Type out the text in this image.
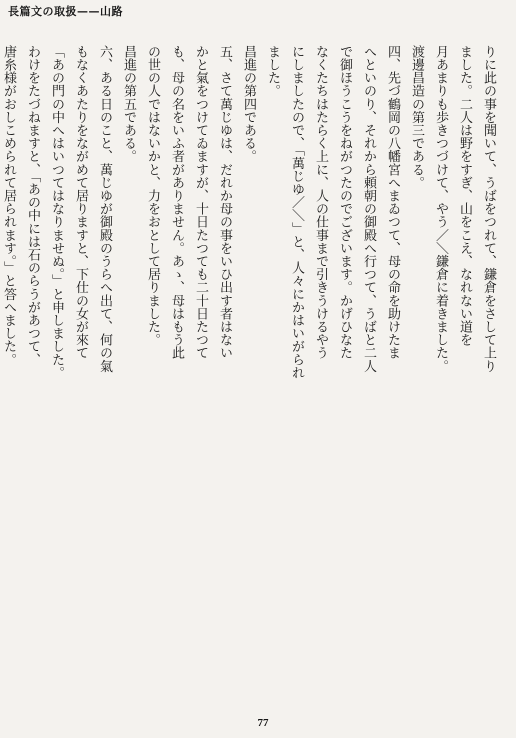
長篇文の取扱——山路
りに此の事を聞いて、うばをつれて、鎌倉をさして上り
ました。二人は野をすぎ、山をこえ、なれない道を
月あまりも歩きつづけて、やう／＼鎌倉に着きました。
渡邊昌造の第三である。
四、先づ鶴岡の八幡宮へまゐつて、母の命を助けたま
へといのり、それから頼朝の御殿へ行つて、うばと二人
で御ほうこうをねがつたのでございます。かげひなた
なくたちはたらく上に、人の仕事まで引きうけるやう
にしましたので、「萬じゆ／＼」と、人々にかはいがられ
ました。
昌進の第四である。
五、さて萬じゆは、だれか母の事をいひ出す者はない
かと氣をつけてゐますが、十日たつても二十日たつて
も、母の名をいふ者がありません。あゝ、母はもう此
の世の人ではないかと、力をおとして居りました。
昌進の第五である。
六、ある日のこと、萬じゆが御殿のうらへ出て、何の氣
もなくあたりをながめて居りますと、下仕の女が來て
「あの門の中へはいつてはなりませぬ。」と申しました。
わけをたづねますと、「あの中には石のらうがあつて、
唐糸様がおしこめられて居られます。」と答へました。
77
